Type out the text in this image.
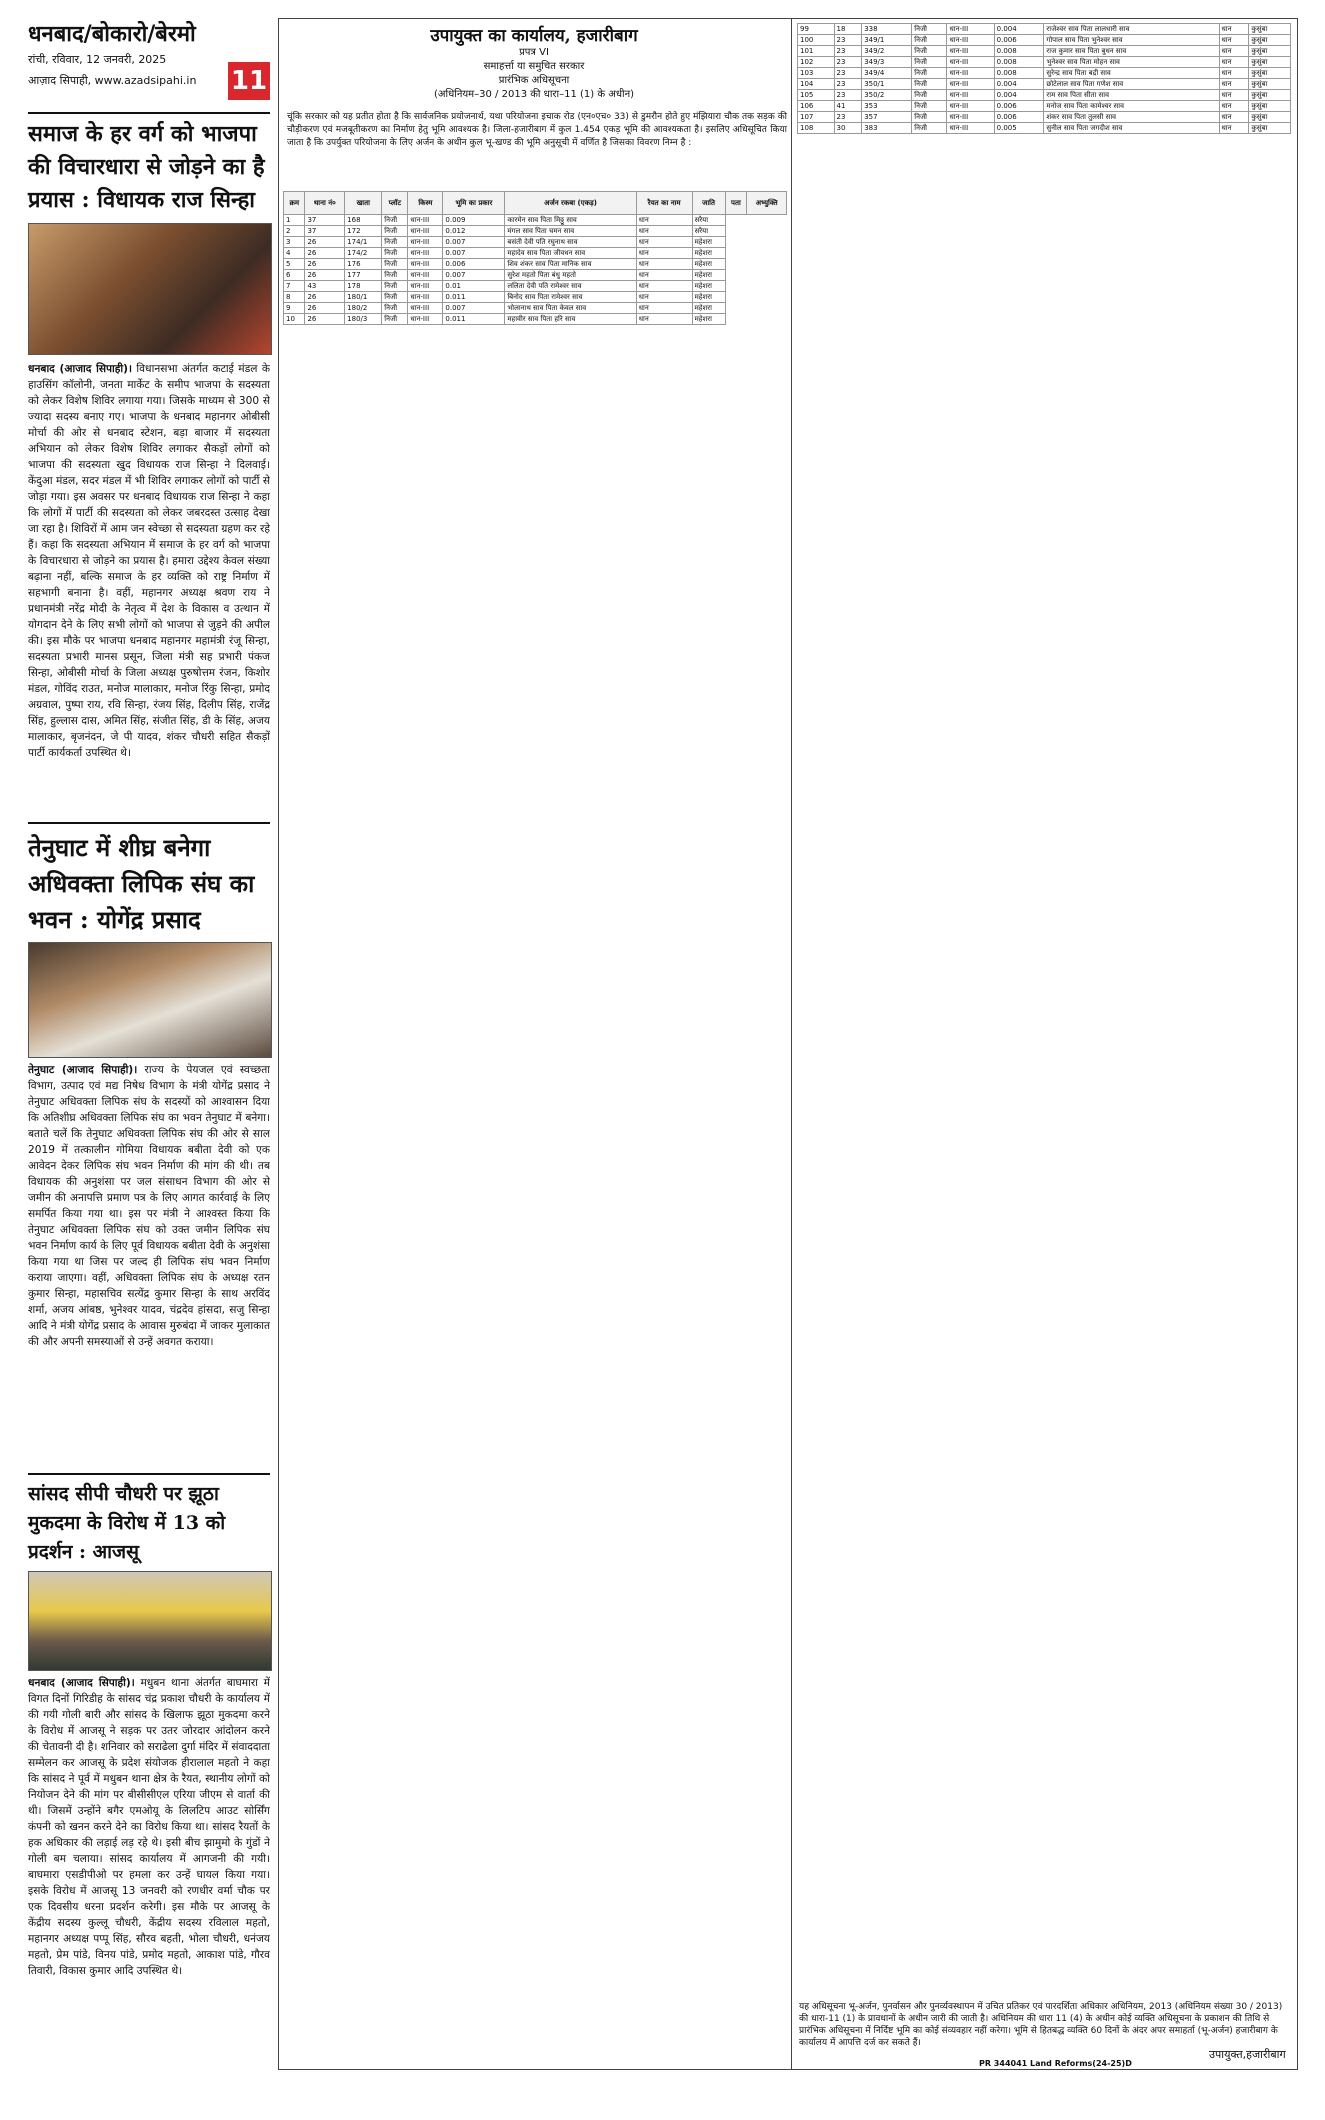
धनबाद/बोकारो/बेरमो
रांची, रविवार, 12 जनवरी, 2025
आज़ाद सिपाही, www.azadsipahi.in	11
समाज के हर वर्ग को भाजपा की विचारधारा से जोड़ने का है प्रयास : विधायक राज सिन्हा

धनबाद (आजाद सिपाही)। विधानसभा अंतर्गत कटाई मंडल के हाउसिंग कॉलोनी, जनता मार्केट के समीप भाजपा के सदस्यता को लेकर विशेष शिविर लगाया गया। जिसके माध्यम से 300 से ज्यादा सदस्य बनाए गए। भाजपा के धनबाद महानगर ओबीसी मोर्चा की ओर से धनबाद स्टेशन, बड़ा बाजार में सदस्यता अभियान को लेकर विशेष शिविर लगाकर सैकड़ों लोगों को भाजपा की सदस्यता खुद विधायक राज सिन्हा ने दिलवाई। केंदुआ मंडल, सदर मंडल में भी शिविर लगाकर लोगों को पार्टी से जोड़ा गया। इस अवसर पर धनबाद विधायक राज सिन्हा ने कहा कि लोगों में पार्टी की सदस्यता को लेकर जबरदस्त उत्साह देखा जा रहा है। शिविरों में आम जन स्वेच्छा से सदस्यता ग्रहण कर रहे हैं। कहा कि सदस्यता अभियान में समाज के हर वर्ग को भाजपा के विचारधारा से जोड़ने का प्रयास है। हमारा उद्देश्य केवल संख्या बढ़ाना नहीं, बल्कि समाज के हर व्यक्ति को राष्ट्र निर्माण में सहभागी बनाना है। वहीं, महानगर अध्यक्ष श्रवण राय ने प्रधानमंत्री नरेंद्र मोदी के नेतृत्व में देश के विकास व उत्थान में योगदान देने के लिए सभी लोगों को भाजपा से जुड़ने की अपील की। इस मौके पर भाजपा धनबाद महानगर महामंत्री रंजू सिन्हा, सदस्यता प्रभारी मानस प्रसून, जिला मंत्री सह प्रभारी पंकज सिन्हा, ओबीसी मोर्चा के जिला अध्यक्ष पुरुषोत्तम रंजन, किशोर मंडल, गोविंद राउत, मनोज मालाकार, मनोज रिंकु सिन्हा, प्रमोद अग्रवाल, पुष्पा राय, रवि सिन्हा, रंजय सिंह, दिलीप सिंह, राजेंद्र सिंह, हुल्लास दास, अमित सिंह, संजीत सिंह, डी के सिंह, अजय मालाकार, बृजनंदन, जे पी यादव, शंकर चौधरी सहित सैकड़ों पार्टी कार्यकर्ता उपस्थित थे।

तेनुघाट में शीघ्र बनेगा अधिवक्ता लिपिक संघ का भवन : योगेंद्र प्रसाद

तेनुघाट (आजाद सिपाही)। राज्य के पेयजल एवं स्वच्छता विभाग, उत्पाद एवं मद्य निषेध विभाग के मंत्री योगेंद्र प्रसाद ने तेनुघाट अधिवक्ता लिपिक संघ के सदस्यों को आश्वासन दिया कि अतिशीघ्र अधिवक्ता लिपिक संघ का भवन तेनुघाट में बनेगा। बताते चलें कि तेनुघाट अधिवक्ता लिपिक संघ की ओर से साल 2019 में तत्कालीन गोमिया विधायक बबीता देवी को एक आवेदन देकर लिपिक संघ भवन निर्माण की मांग की थी। तब विधायक की अनुशंसा पर जल संसाधन विभाग की ओर से जमीन की अनापत्ति प्रमाण पत्र के लिए आगत कार्रवाई के लिए समर्पित किया गया था। इस पर मंत्री ने आश्वस्त किया कि तेनुघाट अधिवक्ता लिपिक संघ को उक्त जमीन लिपिक संघ भवन निर्माण कार्य के लिए पूर्व विधायक बबीता देवी के अनुशंसा किया गया था जिस पर जल्द ही लिपिक संघ भवन निर्माण कराया जाएगा। वहीं, अधिवक्ता लिपिक संघ के अध्यक्ष रतन कुमार सिन्हा, महासचिव सत्येंद्र कुमार सिन्हा के साथ अरविंद शर्मा, अजय आंबष्ठ, भुनेश्वर यादव, चंद्रदेव हांसदा, सजु सिन्हा आदि ने मंत्री योगेंद्र प्रसाद के आवास मुरुबंदा में जाकर मुलाकात की और अपनी समस्याओं से उन्हें अवगत कराया।

सांसद सीपी चौधरी पर झूठा मुकदमा के विरोध में 13 को प्रदर्शन : आजसू

धनबाद (आजाद सिपाही)। मधुबन थाना अंतर्गत बाघमारा में विगत दिनों गिरिडीह के सांसद चंद्र प्रकाश चौधरी के कार्यालय में की गयी गोली बारी और सांसद के खिलाफ झूठा मुकदमा करने के विरोध में आजसू ने सड़क पर उतर जोरदार आंदोलन करने की चेतावनी दी है। शनिवार को सराढेला दुर्गा मंदिर में संवाददाता सम्मेलन कर आजसू के प्रदेश संयोजक हीरालाल महतो ने कहा कि सांसद ने पूर्व में मधुबन थाना क्षेत्र के रैयत, स्थानीय लोगों को नियोजन देने की मांग पर बीसीसीएल एरिया जीएम से वार्ता की थी। जिसमें उन्होंने बगैर एमओयू के लिलटिप आउट सोर्सिंग कंपनी को खनन करने देने का विरोध किया था। सांसद रैयतों के हक अधिकार की लड़ाई लड़ रहे थे। इसी बीच झामुमो के गुंडों ने गोली बम चलाया। सांसद कार्यालय में आगजनी की गयी। बाघमारा एसडीपीओ पर हमला कर उन्हें घायल किया गया। इसके विरोध में आजसू 13 जनवरी को रणधीर वर्मा चौक पर एक दिवसीय धरना प्रदर्शन करेगी। इस मौके पर आजसू के केंद्रीय सदस्य कुल्लू चौधरी, केंद्रीय सदस्य रविलाल महतो, महानगर अध्यक्ष पप्पू सिंह, सौरव बहती, भोला चौधरी, धनंजय महतो, प्रेम पांडे, विनय पांडे, प्रमोद महतो, आकाश पांडे, गौरव तिवारी, विकास कुमार आदि उपस्थित थे।

उपायुक्त का कार्यालय, हजारीबाग
प्रपत्र VI
समाहर्त्ता या समुचित सरकार
प्रारंभिक अधिसूचना
(अधिनियम–30 / 2013 की धारा–11 (1) के अधीन)
चूंकि सरकार को यह प्रतीत होता है कि सार्वजनिक प्रयोजनार्थ, यथा परियोजना इचाक रोड (एन०एच० 33) से डुमरौन होते हुए मंझियारा चौक तक सड़क की चौड़ीकरण एवं मजबूतीकरण का निर्माण हेतु भूमि आवश्यक है। जिला-हजारीबाग में कुल 1.454 एकड़ भूमि की आवश्यकता है। इसलिए अधिसूचित किया जाता है कि उपर्युक्त परियोजना के लिए अर्जन के अधीन कुल भू-खण्ड की भूमि अनुसूची में वर्णित है जिसका विवरण निम्न है :
क्रम	थाना नं०	खाता	प्लॉट	किस्म	भूमि का प्रकार	अर्जन रकबा (एकड़)	रैयत का नाम	जाति	पता	अभ्युक्ति
1	37	168	निजी	धान-III	0.009	कारमेन साव पिता मिठ्ठू साव	धान	सरैया		
2	37	172	निजी	धान-III	0.012	मंगल साव पिता चमन साव	धान	सरैया		
3	26	174/1	निजी	धान-III	0.007	बसंती देवी पति रघुनाथ साव	धान	महेशरा		
4	26	174/2	निजी	धान-III	0.007	महादेव साव पिता जीवधन साव	धान	महेशरा		
5	26	176	निजी	धान-III	0.006	शिव शंकर साव पिता मानिक साव	धान	महेशरा		
6	26	177	निजी	धान-III	0.007	सुरेश महतो पिता बंधु महतो	धान	महेशरा		
7	43	178	निजी	धान-III	0.01	ललिता देवी पति रामेश्वर साव	धान	महेशरा		
8	26	180/1	निजी	धान-III	0.011	बिनोद साव पिता रामेश्वर साव	धान	महेशरा		
9	26	180/2	निजी	धान-III	0.007	भोलानाथ साव पिता केवल साव	धान	महेशरा		
10	26	180/3	निजी	धान-III	0.011	महावीर साव पिता हरि साव	धान	महेशरा		
99	18	338	निजी	धान-III	0.004	राजेश्वर साव पिता लालधारी साव	धान	कुसुंबा
100	23	349/1	निजी	धान-III	0.006	गोपाल साव पिता भुनेश्वर साव	धान	कुसुंबा
101	23	349/2	निजी	धान-III	0.008	राज कुमार साव पिता बुधन साव	धान	कुसुंबा
102	23	349/3	निजी	धान-III	0.008	भुनेश्वर साव पिता मोहन साव	धान	कुसुंबा
103	23	349/4	निजी	धान-III	0.008	सुरेन्द्र साव पिता बद्री साव	धान	कुसुंबा
104	23	350/1	निजी	धान-III	0.004	छोटेलाल साव पिता गणेश साव	धान	कुसुंबा
105	23	350/2	निजी	धान-III	0.004	राम साव पिता सीता साव	धान	कुसुंबा
106	41	353	निजी	धान-III	0.006	मनोज साव पिता कामेश्वर साव	धान	कुसुंबा
107	23	357	निजी	धान-III	0.006	शंकर साव पिता तुलसी साव	धान	कुसुंबा
108	30	383	निजी	धान-III	0.005	सुनील साव पिता जगदीश साव	धान	कुसुंबा
यह अधिसूचना भू-अर्जन, पुनर्वासन और पुनर्व्यवस्थापन में उचित प्रतिकर एवं पारदर्शिता अधिकार अधिनियम, 2013 (अधिनियम संख्या 30 / 2013) की धारा-11 (1) के प्रावधानों के अधीन जारी की जाती है। अधिनियम की धारा 11 (4) के अधीन कोई व्यक्ति अधिसूचना के प्रकाशन की तिथि से प्रारंभिक अधिसूचना में निर्दिष्ट भूमि का कोई संव्यवहार नहीं करेगा। भूमि से हितबद्ध व्यक्ति 60 दिनों के अंदर अपर समाहर्ता (भू-अर्जन) हजारीबाग के कार्यालय में आपत्ति दर्ज कर सकते हैं।
PR 344041 Land Reforms(24-25)D
उपायुक्त,हजारीबाग
